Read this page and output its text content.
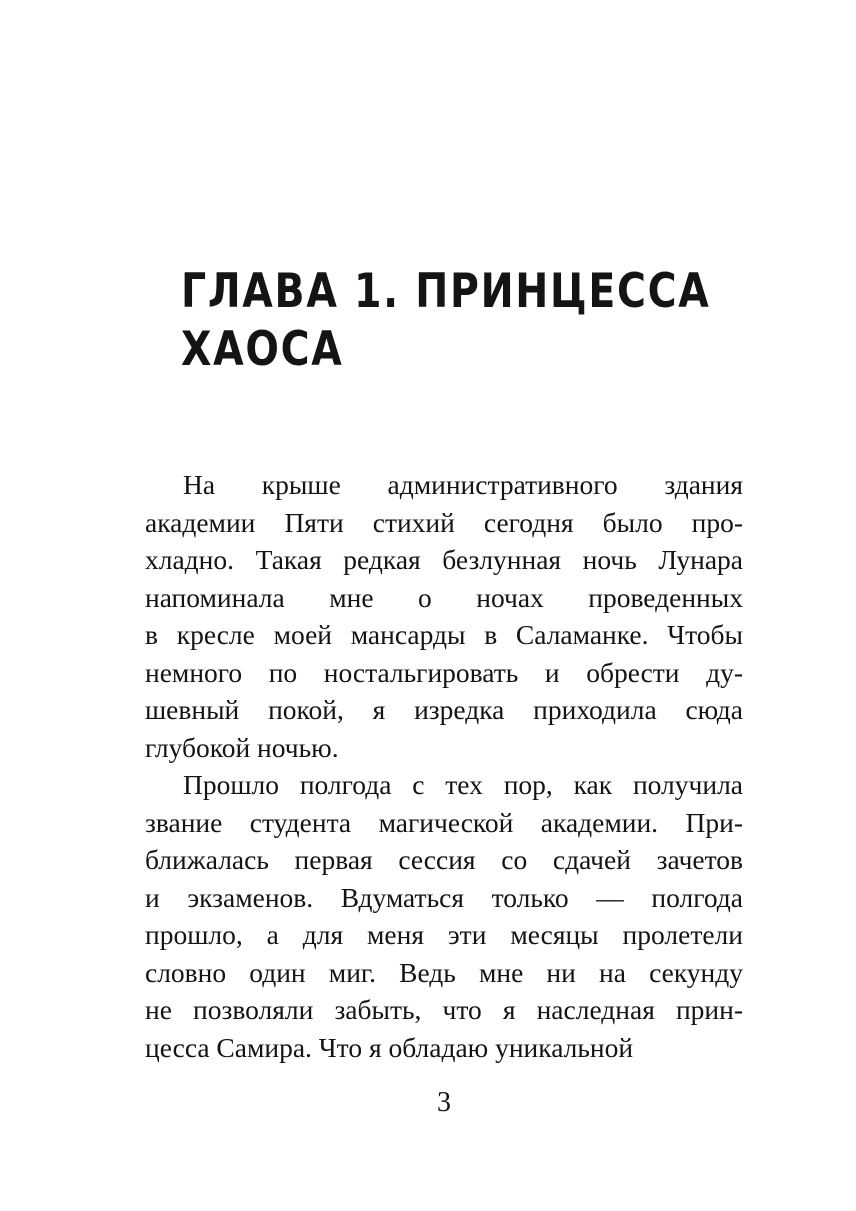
ГЛАВА 1. ПРИНЦЕССА
ХАОСА
На крыше административного здания
академии Пяти стихий сегодня было про-
хладно. Такая редкая безлунная ночь Лунара
напоминала мне о ночах проведенных
в кресле моей мансарды в Саламанке. Чтобы
немного по ностальгировать и обрести ду-
шевный покой, я изредка приходила сюда
глубокой ночью.
Прошло полгода с тех пор, как получила
звание студента магической академии. При-
ближалась первая сессия со сдачей зачетов
и экзаменов. Вдуматься только — полгода
прошло, а для меня эти месяцы пролетели
словно один миг. Ведь мне ни на секунду
не позволяли забыть, что я наследная прин-
цесса Самира. Что я обладаю уникальной
3
